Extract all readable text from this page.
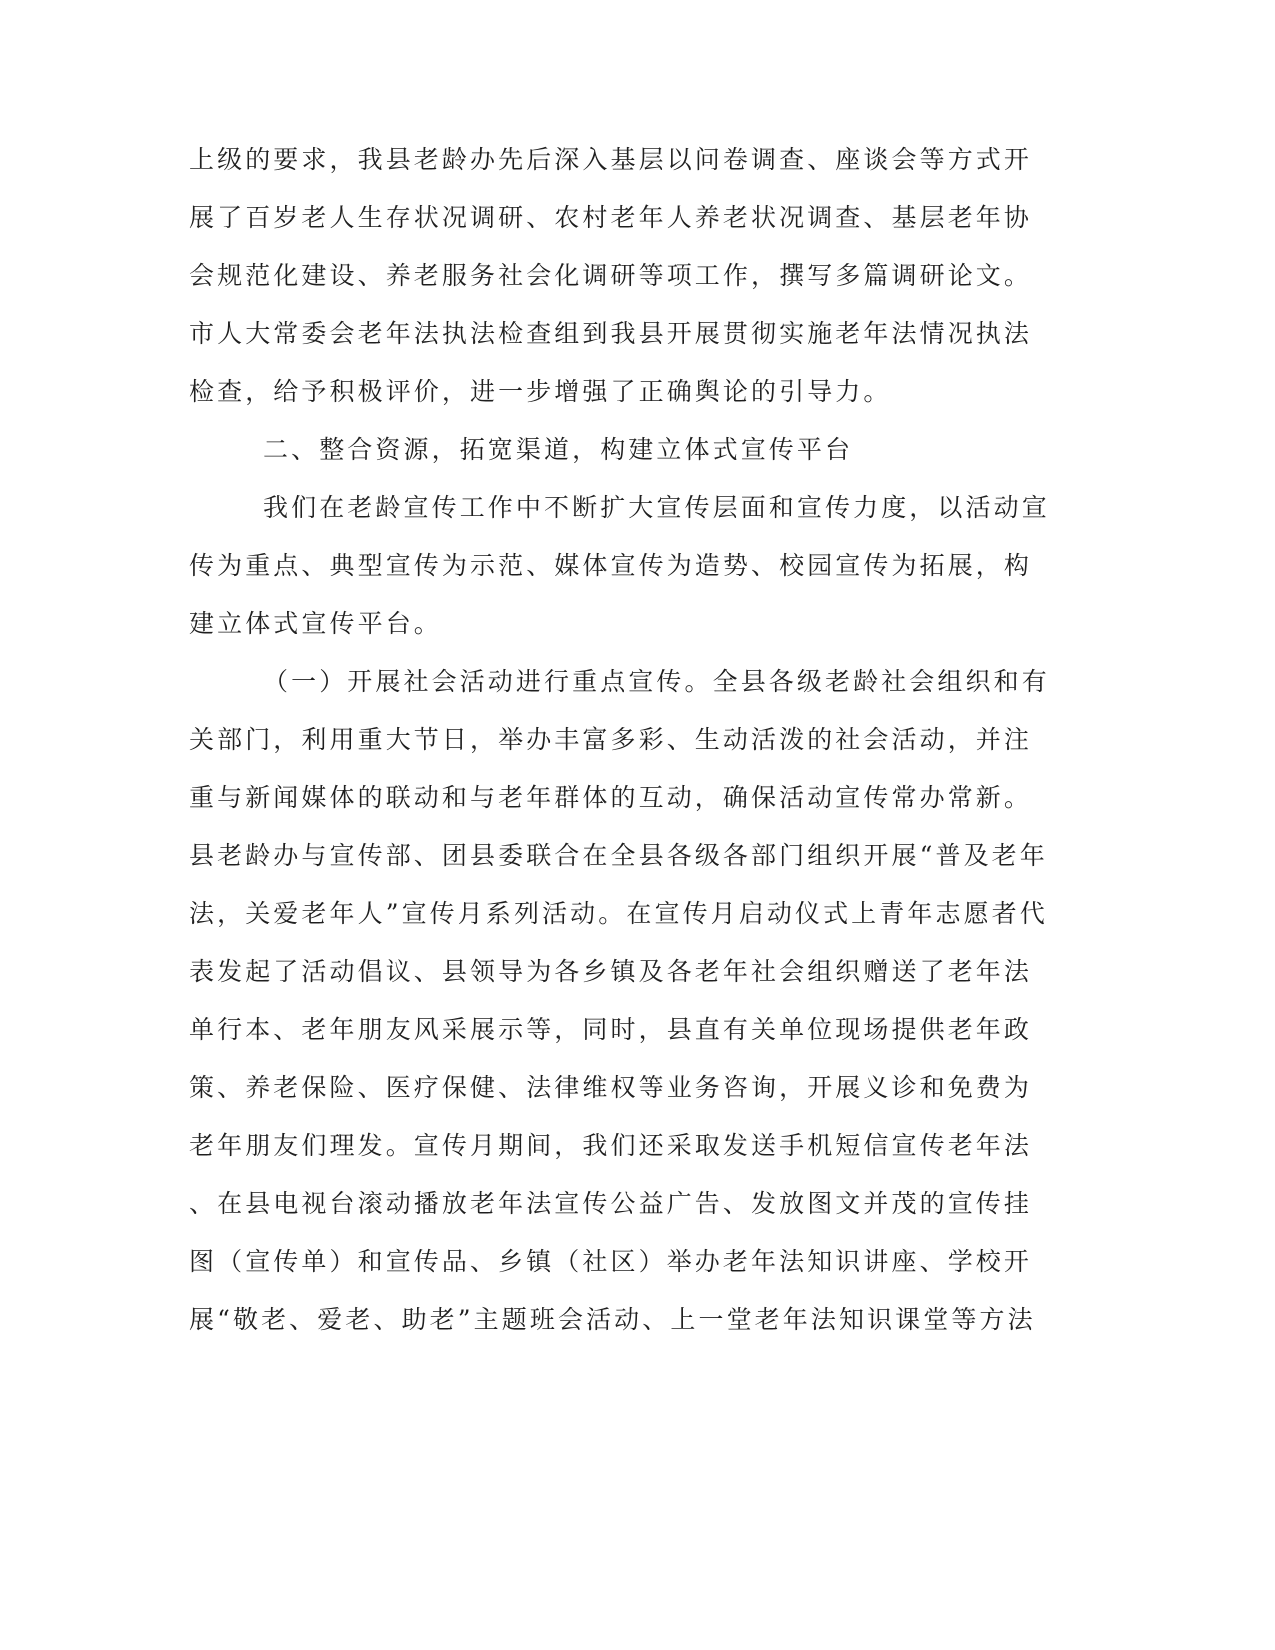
上级的要求，我县老龄办先后深入基层以问卷调查、座谈会等方式开

展了百岁老人生存状况调研、农村老年人养老状况调查、基层老年协

会规范化建设、养老服务社会化调研等项工作，撰写多篇调研论文。

市人大常委会老年法执法检查组到我县开展贯彻实施老年法情况执法

检查，给予积极评价，进一步增强了正确舆论的引导力。

二、整合资源，拓宽渠道，构建立体式宣传平台

我们在老龄宣传工作中不断扩大宣传层面和宣传力度，以活动宣

传为重点、典型宣传为示范、媒体宣传为造势、校园宣传为拓展，构

建立体式宣传平台。

（一）开展社会活动进行重点宣传。全县各级老龄社会组织和有

关部门，利用重大节日，举办丰富多彩、生动活泼的社会活动，并注

重与新闻媒体的联动和与老年群体的互动，确保活动宣传常办常新。

县老龄办与宣传部、团县委联合在全县各级各部门组织开展“普及老年

法，关爱老年人”宣传月系列活动。在宣传月启动仪式上青年志愿者代

表发起了活动倡议、县领导为各乡镇及各老年社会组织赠送了老年法

单行本、老年朋友风采展示等，同时，县直有关单位现场提供老年政

策、养老保险、医疗保健、法律维权等业务咨询，开展义诊和免费为

老年朋友们理发。宣传月期间，我们还采取发送手机短信宣传老年法

、在县电视台滚动播放老年法宣传公益广告、发放图文并茂的宣传挂

图（宣传单）和宣传品、乡镇（社区）举办老年法知识讲座、学校开

展“敬老、爱老、助老”主题班会活动、上一堂老年法知识课堂等方法
